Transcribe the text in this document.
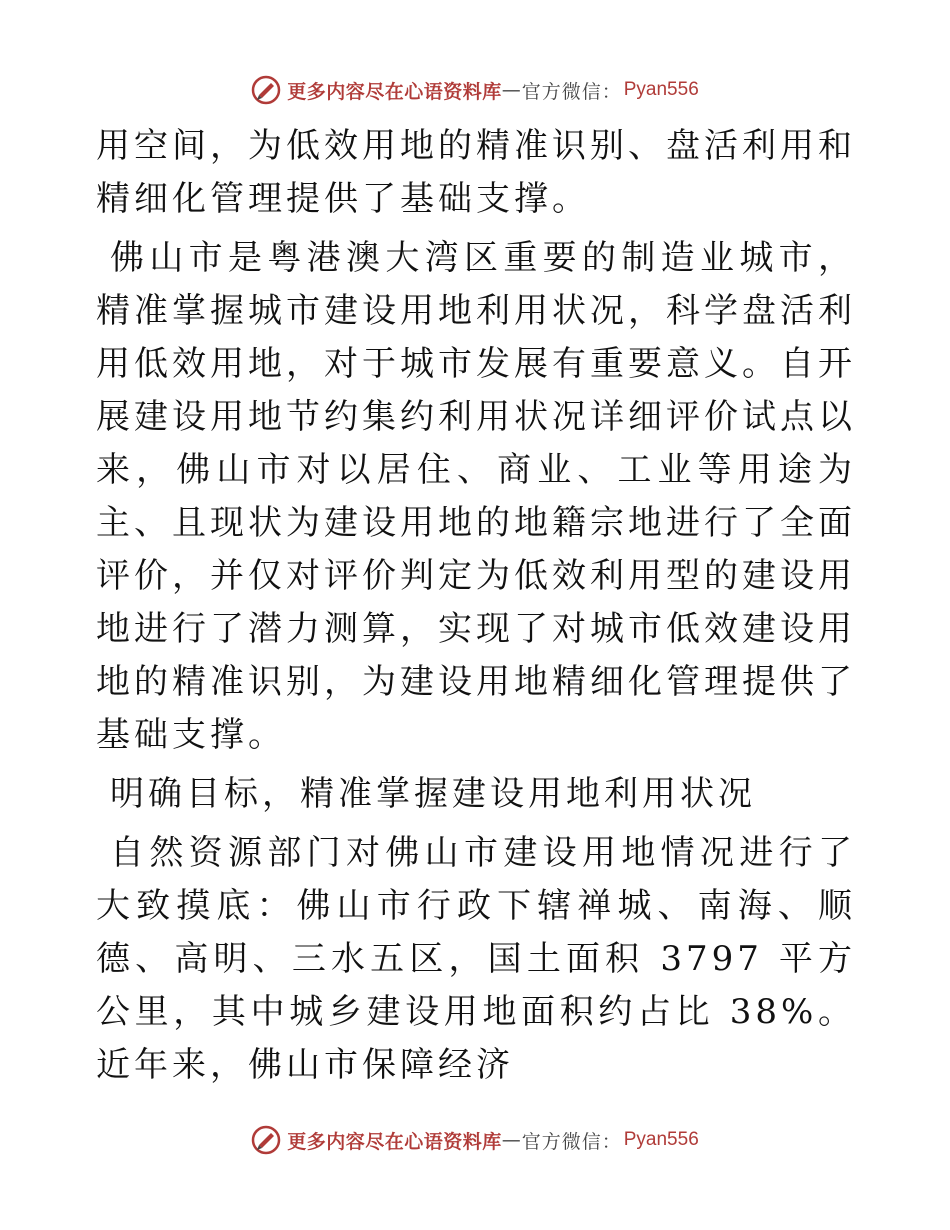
更多内容尽在心语资料库 — 官方微信： Pyan556

用空间，为低效用地的精准识别、盘活利用和精细化管理提供了基础支撑。

佛山市是粤港澳大湾区重要的制造业城市，精准掌握城市建设用地利用状况，科学盘活利用低效用地，对于城市发展有重要意义。自开展建设用地节约集约利用状况详细评价试点以来，佛山市对以居住、商业、工业等用途为主、且现状为建设用地的地籍宗地进行了全面评价，并仅对评价判定为低效利用型的建设用地进行了潜力测算，实现了对城市低效建设用地的精准识别，为建设用地精细化管理提供了基础支撑。

明确目标，精准掌握建设用地利用状况

自然资源部门对佛山市建设用地情况进行了大致摸底：佛山市行政下辖禅城、南海、顺德、高明、三水五区，国土面积 3797 平方公里，其中城乡建设用地面积约占比 38%。近年来，佛山市保障经济

更多内容尽在心语资料库 — 官方微信： Pyan556
